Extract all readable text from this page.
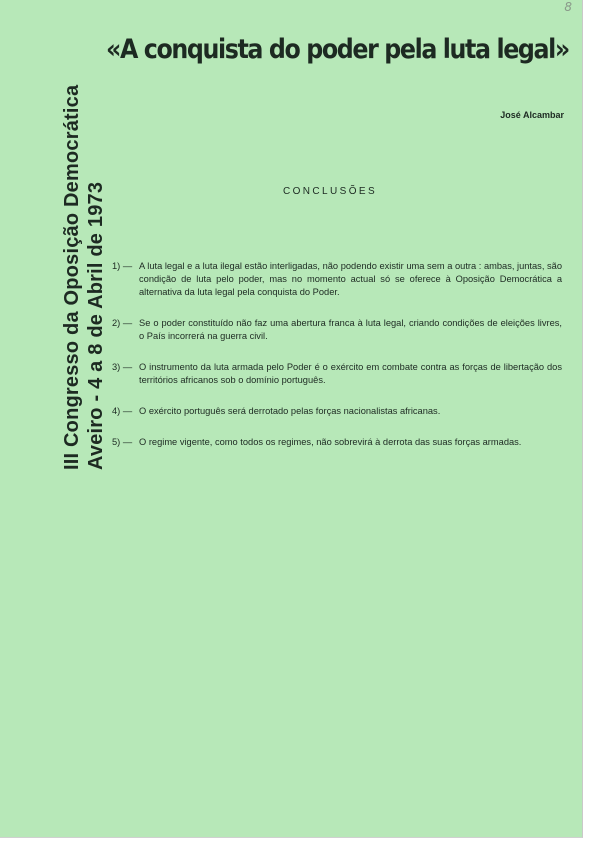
8
«A conquista do poder pela luta legal»
José Alcambar
III Congresso da Oposição Democrática Aveiro - 4 a 8 de Abril de 1973	CONCLUSÕES
1) — A luta legal e a luta ilegal estão interligadas, não podendo existir uma sem a outra : ambas, juntas, são condição de luta pelo poder, mas no momento actual só se oferece à Oposição Democrática a alternativa da luta legal pela conquista do Poder.
2) — Se o poder constituído não faz uma abertura franca à luta legal, criando condições de eleições livres, o País incorrerá na guerra civil.
3) — O instrumento da luta armada pelo Poder é o exército em combate contra as forças de libertação dos territórios africanos sob o domínio português.
4) — O exército português será derrotado pelas forças nacionalistas africanas.
5) — O regime vigente, como todos os regimes, não sobrevirá à derrota das suas forças armadas.
